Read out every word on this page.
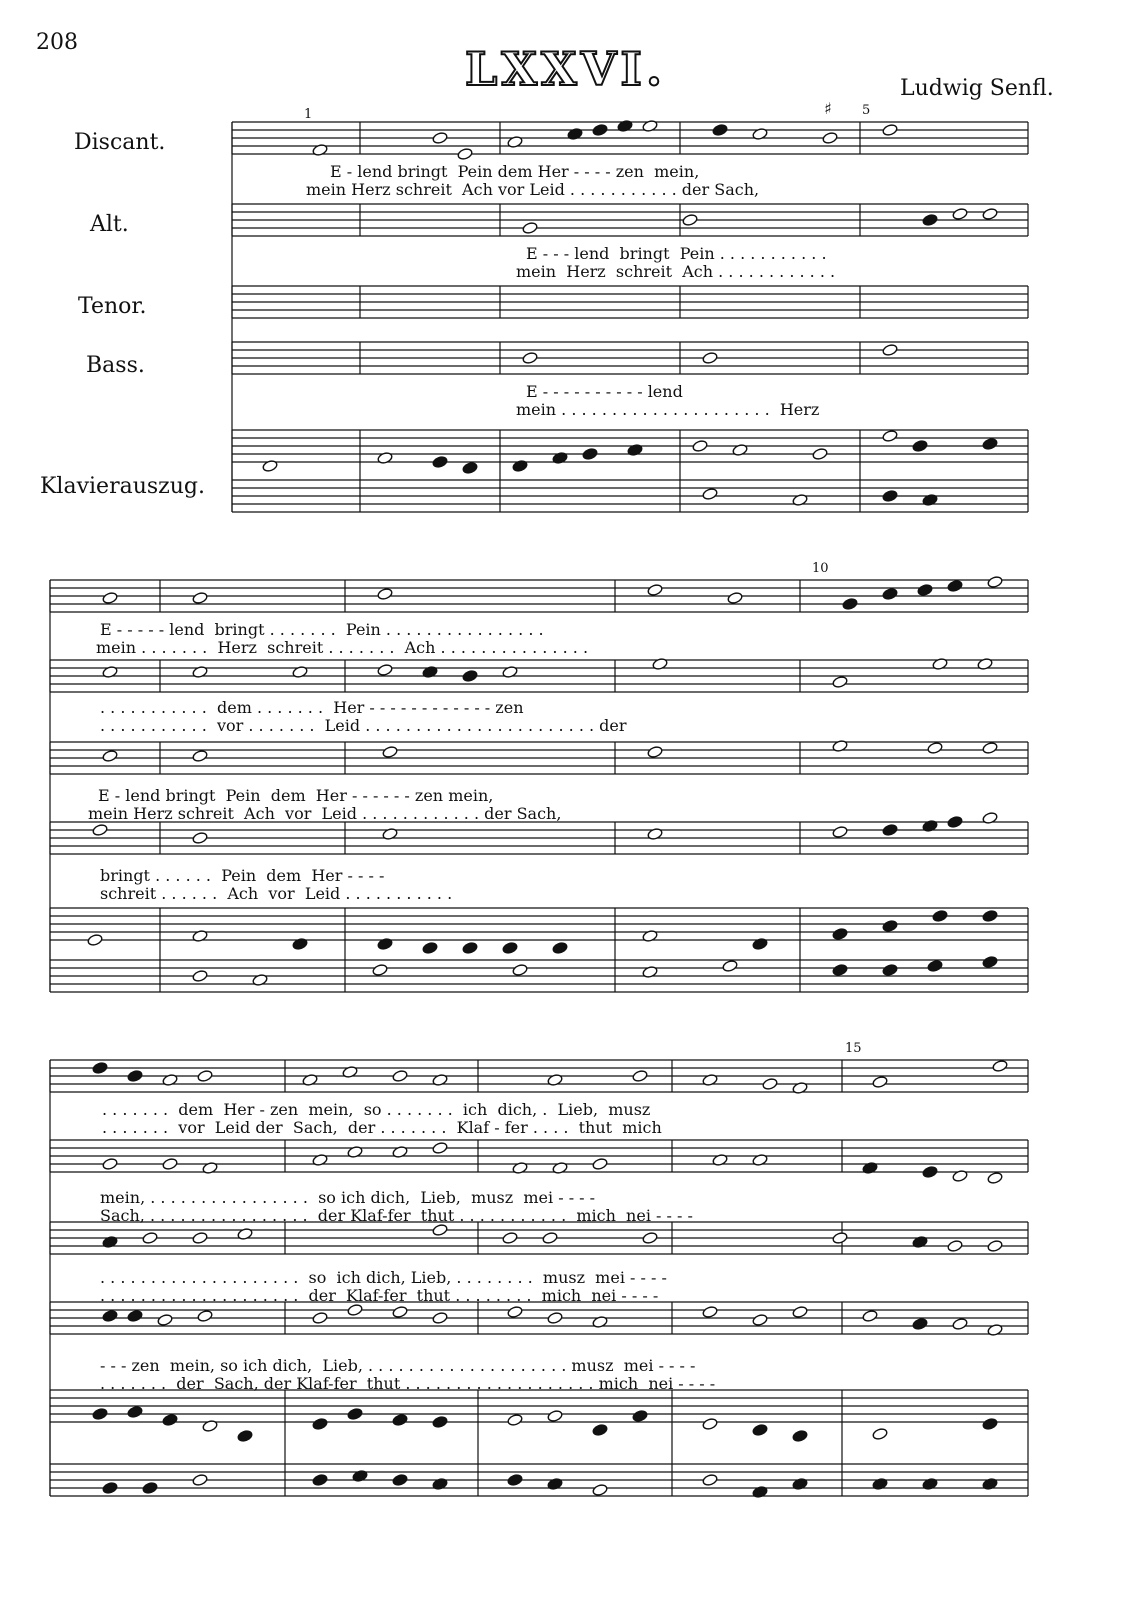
208	LXXVI.	Ludwig Senfl.
Discant.
Alt.
Tenor.
Bass.
Klavierauszug.
E - lend bringt  Pein dem Her - - - - zen  mein,
mein Herz schreit  Ach vor Leid . . . . . . . . . . . der Sach,
E - - - lend  bringt  Pein . . . . . . . . . . .
mein  Herz  schreit  Ach . . . . . . . . . . . .
E - - - - - - - - - - lend
mein . . . . . . . . . . . . . . . . . . . . .  Herz
E - - - - - lend  bringt . . . . . . .  Pein . . . . . . . . . . . . . . . .
mein . . . . . . .  Herz  schreit . . . . . . .  Ach . . . . . . . . . . . . . . .
. . . . . . . . . . .  dem . . . . . . .  Her - - - - - - - - - - - - zen
. . . . . . . . . . .  vor . . . . . . .  Leid . . . . . . . . . . . . . . . . . . . . . . . der
E - lend bringt  Pein  dem  Her - - - - - - zen mein,
mein Herz schreit  Ach  vor  Leid . . . . . . . . . . . . der Sach,
bringt . . . . . .  Pein  dem  Her - - - -
schreit . . . . . .  Ach  vor  Leid . . . . . . . . . . .
. . . . . . .  dem  Her - zen  mein,  so . . . . . . .  ich  dich, .  Lieb,  musz
. . . . . . .  vor  Leid der  Sach,  der . . . . . . .  Klaf - fer . . . .  thut  mich
mein, . . . . . . . . . . . . . . . .  so ich dich,  Lieb,  musz  mei - - - -
Sach, . . . . . . . . . . . . . . . .  der Klaf-fer  thut . . . . . . . . . . .  mich  nei - - - -
. . . . . . . . . . . . . . . . . . . .  so  ich dich, Lieb, . . . . . . . .  musz  mei - - - -
. . . . . . . . . . . . . . . . . . . .  der  Klaf-fer  thut . . . . . . . .  mich  nei - - - -
- - - zen  mein, so ich dich,  Lieb, . . . . . . . . . . . . . . . . . . . . musz  mei - - - -
. . . . . . .  der  Sach, der Klaf-fer  thut . . . . . . . . . . . . . . . . . . . mich  nei - - - -
1	5
10
15
♯
